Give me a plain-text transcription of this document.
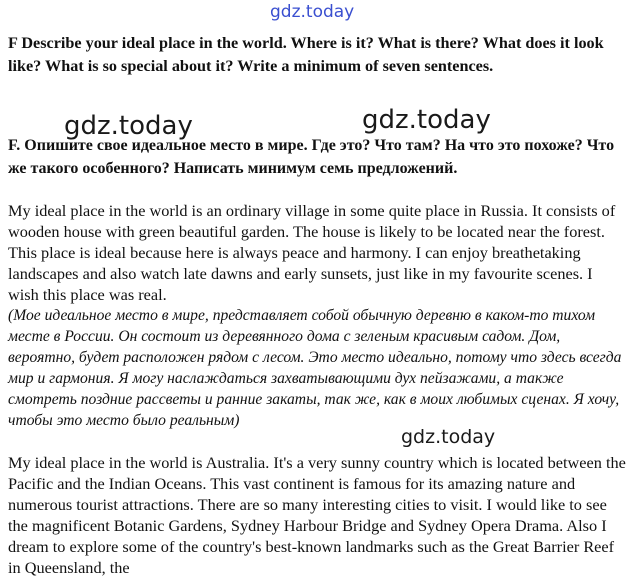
gdz.today

F Describe your ideal place in the world. Where is it? What is there? What does it look like? What is so special about it? Write a minimum of seven sentences.

gdz.today	gdz.today

F. Опишите свое идеальное место в мире. Где это? Что там? На что это похоже? Что же такого особенного? Написать минимум семь предложений.

My ideal place in the world is an ordinary village in some quite place in Russia. It consists of wooden house with green beautiful garden. The house is likely to be located near the forest. This place is ideal because here is always peace and harmony. I can enjoy breathetaking landscapes and also watch late dawns and early sunsets, just like in my favourite scenes. I wish this place was real.

(Мое идеальное место в мире, представляет собой обычную деревню в каком-то тихом месте в России. Он состоит из деревянного дома с зеленым красивым садом. Дом, вероятно, будет расположен рядом с лесом. Это место идеально, потому что здесь всегда мир и гармония. Я могу наслаждаться захватывающими дух пейзажами, а также смотреть поздние рассветы и ранние закаты, так же, как в моих любимых сценах. Я хочу, чтобы это место было реальным)

gdz.today

My ideal place in the world is Australia. It's a very sunny country which is located between the Pacific and the Indian Oceans. This vast continent is famous for its amazing nature and numerous tourist attractions. There are so many interesting cities to visit. I would like to see the magnificent Botanic Gardens, Sydney Harbour Bridge and Sydney Opera Drama. Also I dream to explore some of the country's best-known landmarks such as the Great Barrier Reef in Queensland, the
